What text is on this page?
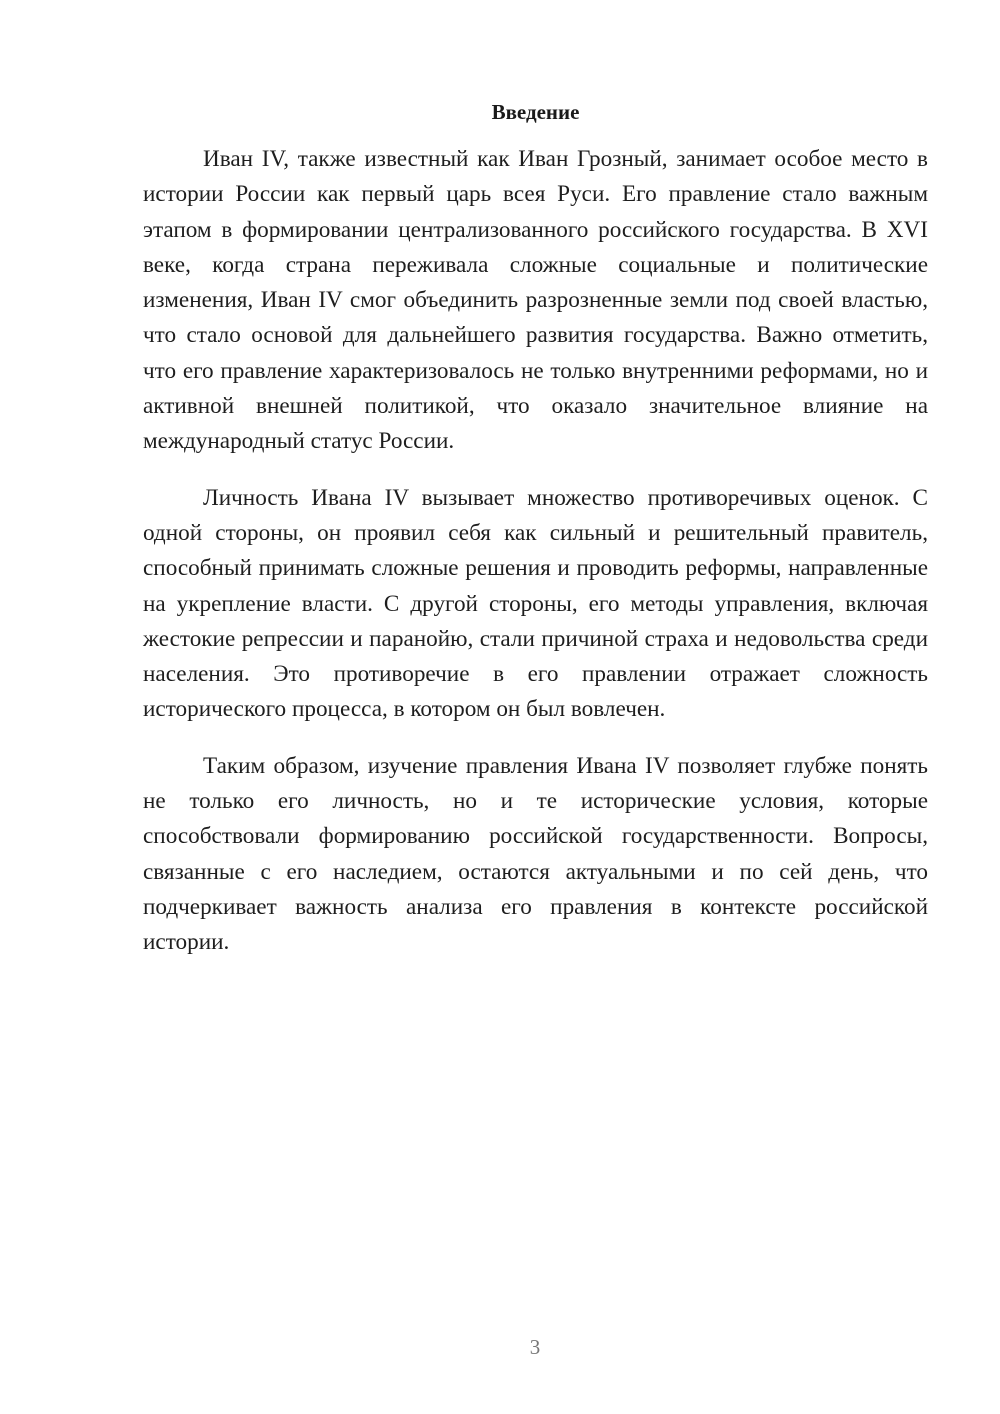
Введение

Иван IV, также известный как Иван Грозный, занимает особое место в истории России как первый царь всея Руси. Его правление стало важным этапом в формировании централизованного российского государства. В XVI веке, когда страна переживала сложные социальные и политические изменения, Иван IV смог объединить разрозненные земли под своей властью, что стало основой для дальнейшего развития государства. Важно отметить, что его правление характеризовалось не только внутренними реформами, но и активной внешней политикой, что оказало значительное влияние на международный статус России.

Личность Ивана IV вызывает множество противоречивых оценок. С одной стороны, он проявил себя как сильный и решительный правитель, способный принимать сложные решения и проводить реформы, направленные на укрепление власти. С другой стороны, его методы управления, включая жестокие репрессии и паранойю, стали причиной страха и недовольства среди населения. Это противоречие в его правлении отражает сложность исторического процесса, в котором он был вовлечен.

Таким образом, изучение правления Ивана IV позволяет глубже понять не только его личность, но и те исторические условия, которые способствовали формированию российской государственности. Вопросы, связанные с его наследием, остаются актуальными и по сей день, что подчеркивает важность анализа его правления в контексте российской истории.

3
